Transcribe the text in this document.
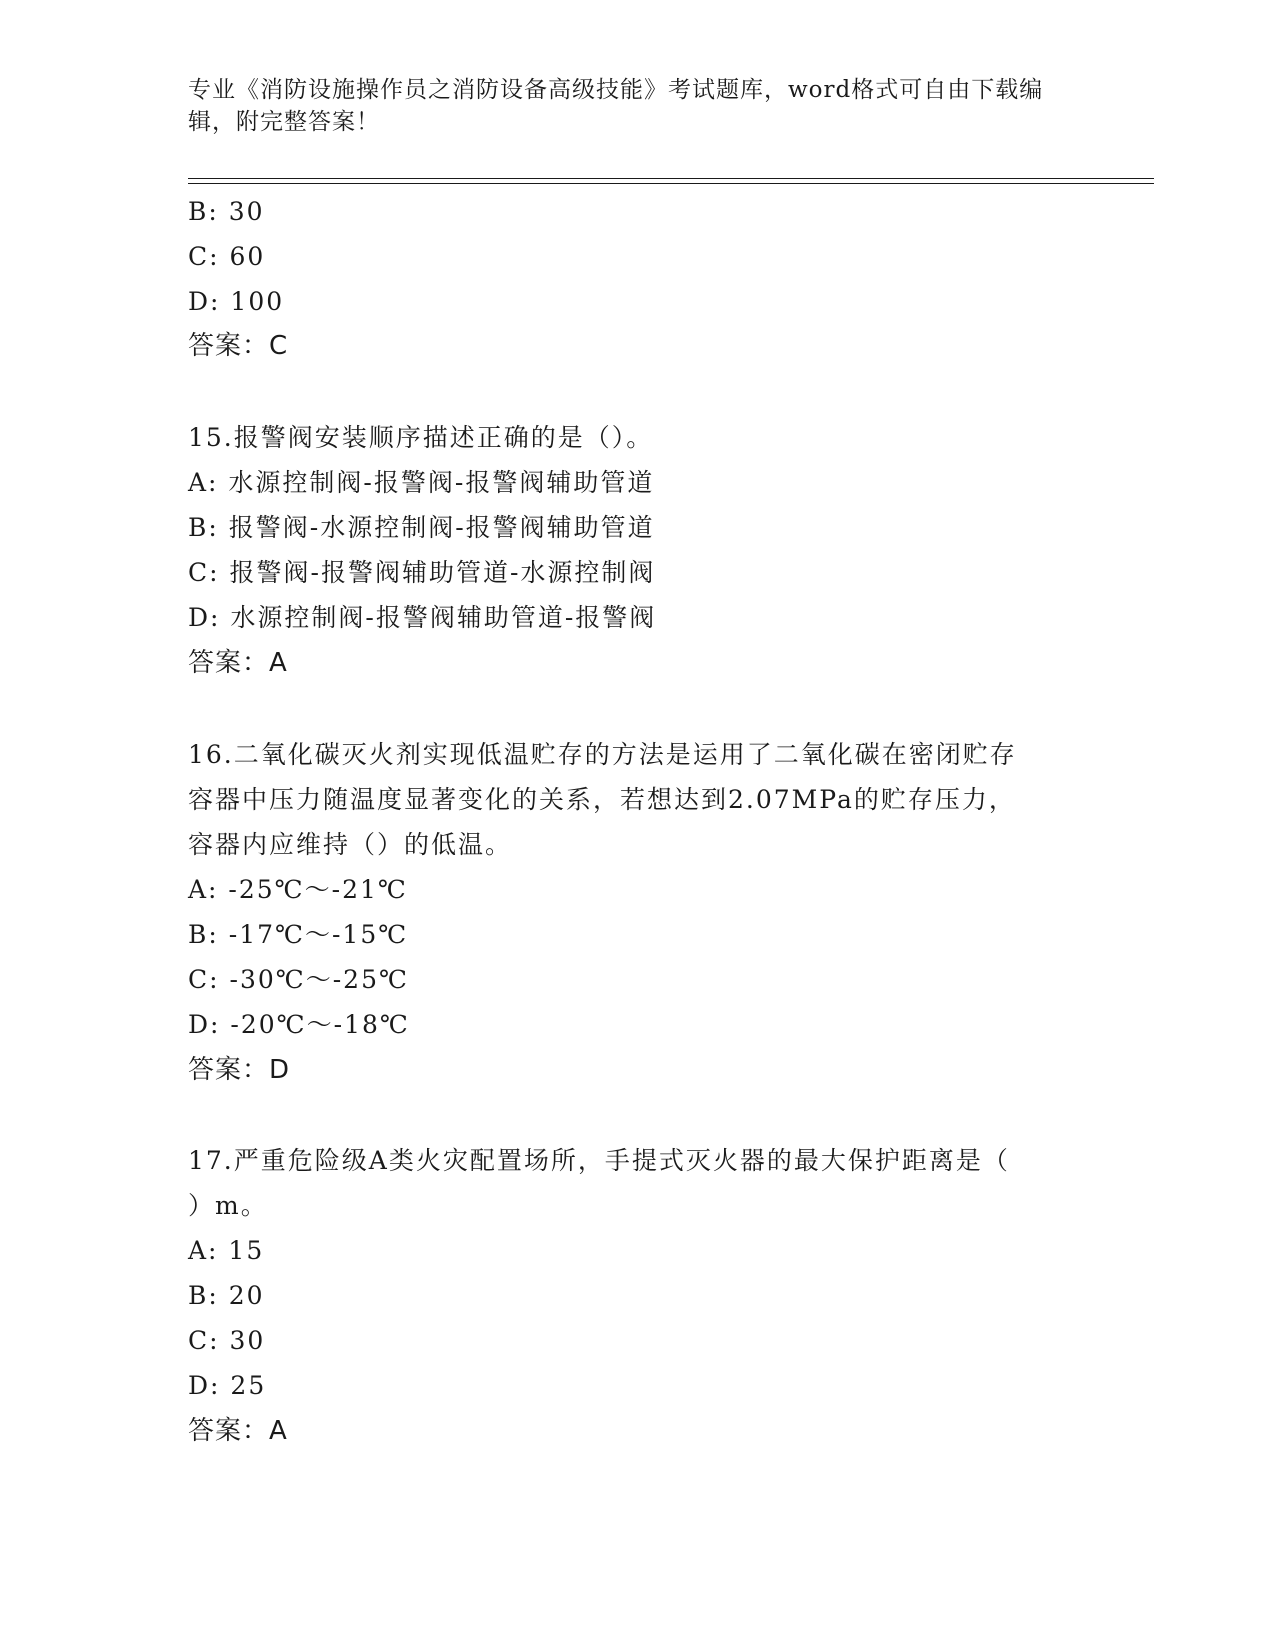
专业《消防设施操作员之消防设备高级技能》考试题库，word格式可自由下载编辑，附完整答案！
B: 30
C: 60
D: 100
答案：C
15.报警阀安装顺序描述正确的是（）。
A: 水源控制阀-报警阀-报警阀辅助管道
B: 报警阀-水源控制阀-报警阀辅助管道
C: 报警阀-报警阀辅助管道-水源控制阀
D: 水源控制阀-报警阀辅助管道-报警阀
答案：A
16.二氧化碳灭火剂实现低温贮存的方法是运用了二氧化碳在密闭贮存
容器中压力随温度显著变化的关系，若想达到2.07MPa的贮存压力，
容器内应维持（）的低温。
A: -25℃～-21℃
B: -17℃～-15℃
C: -30℃～-25℃
D: -20℃～-18℃
答案：D
17.严重危险级A类火灾配置场所，手提式灭火器的最大保护距离是（
）m。
A: 15
B: 20
C: 30
D: 25
答案：A
